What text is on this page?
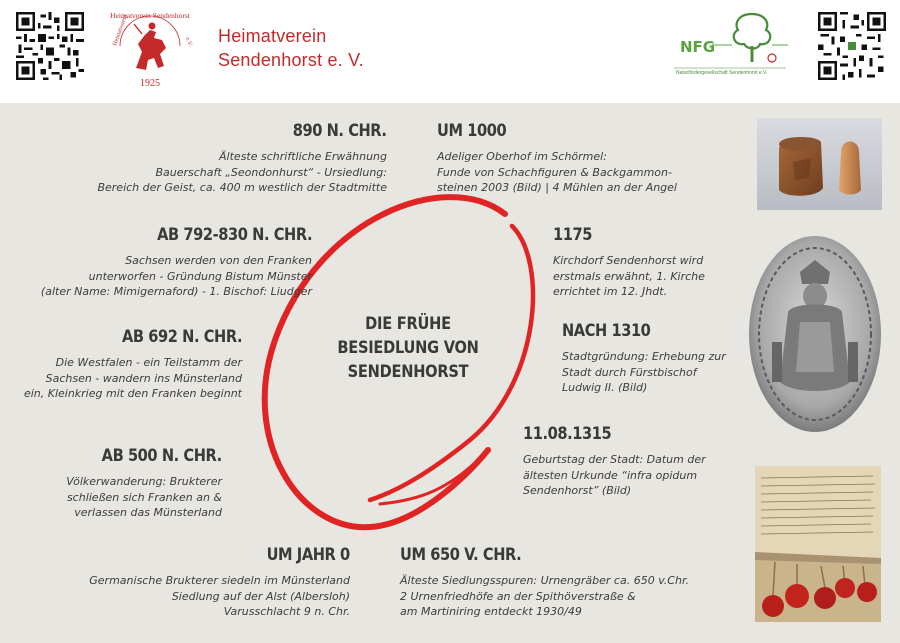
Heimatverein Sendenhorst
Heimatverein	e.V.
1925
Heimatverein
Sendenhorst e. V.
NFG
Naturfördergesellschaft Sendenhorst e.V.
DIE FRÜHE
BESIEDLUNG VON
SENDENHORST
890 N. CHR.
Älteste schriftliche Erwähnung
Bauerschaft „Seondonhurst“ - Ursiedlung:
Bereich der Geist, ca. 400 m westlich der Stadtmitte
AB 792-830 N. CHR.
Sachsen werden von den Franken
unterworfen - Gründung Bistum Münster
(alter Name: Mimigernaford) - 1. Bischof: Liudger
AB 692 N. CHR.
Die Westfalen - ein Teilstamm der
Sachsen - wandern ins Münsterland
ein, Kleinkrieg mit den Franken beginnt
AB 500 N. CHR.
Völkerwanderung: Brukterer
schließen sich Franken an &
verlassen das Münsterland
UM JAHR 0
Germanische Brukterer siedeln im Münsterland
Siedlung auf der Alst (Albersloh)
Varusschlacht 9 n. Chr.
UM 1000
Adeliger Oberhof im Schörmel:
Funde von Schachfiguren & Backgammon-
steinen 2003 (Bild) | 4 Mühlen an der Angel
1175
Kirchdorf Sendenhorst wird
erstmals erwähnt, 1. Kirche
errichtet im 12. Jhdt.
NACH 1310
Stadtgründung: Erhebung zur
Stadt durch Fürstbischof
Ludwig II. (Bild)
11.08.1315
Geburtstag der Stadt: Datum der
ältesten Urkunde “infra opidum
Sendenhorst” (Bild)
UM 650 V. CHR.
Älteste Siedlungsspuren: Urnengräber ca. 650 v.Chr.
2 Urnenfriedhöfe an der Spithöverstraße &
am Martiniring entdeckt 1930/49
